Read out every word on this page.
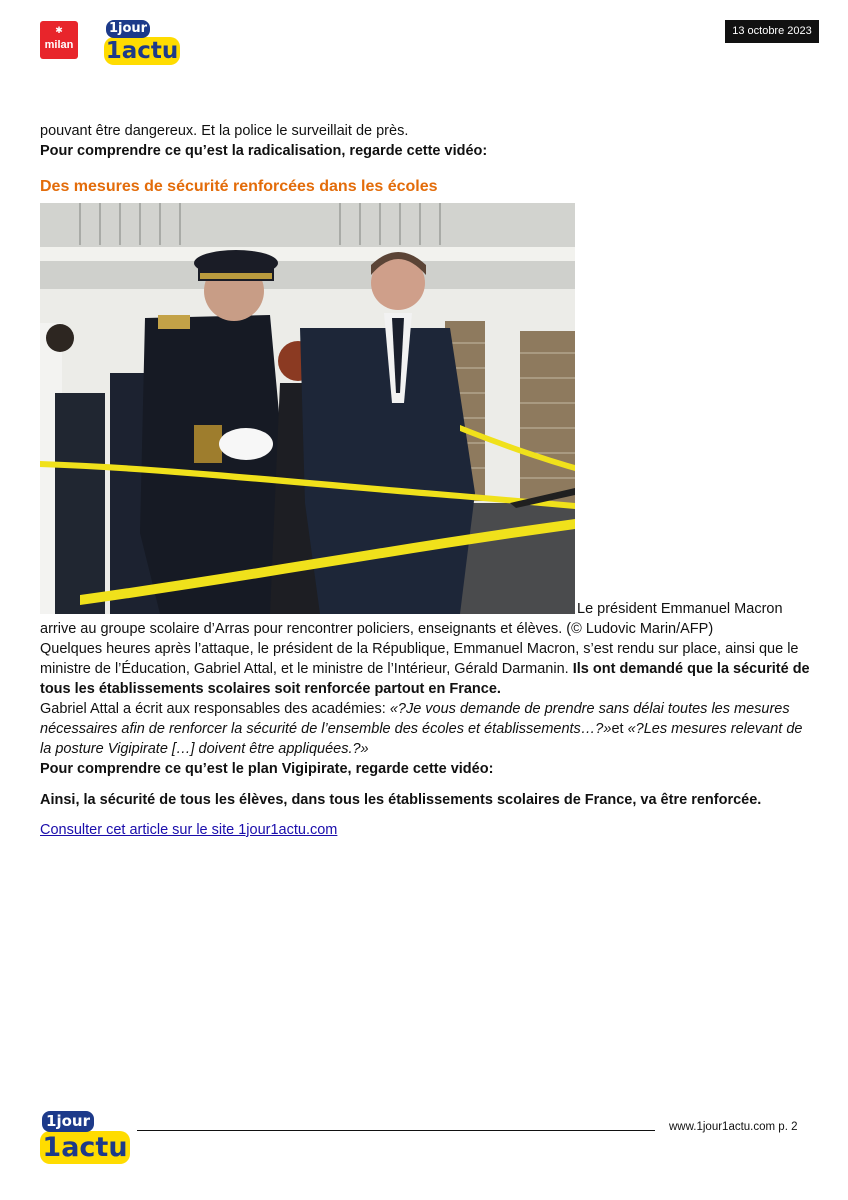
✱
milan 1actu
1jour	13 octobre 2023

pouvant être dangereux. Et la police le surveillait de près.

Pour comprendre ce qu’est la radicalisation, regarde cette vidéo:

Des mesures de sécurité renforcées dans les écoles
Le président Emmanuel Macron

arrive au groupe scolaire d’Arras pour rencontrer policiers, enseignants et élèves. (© Ludovic Marin/AFP)

Quelques heures après l’attaque, le président de la République, Emmanuel Macron, s’est rendu sur place, ainsi que le ministre de l’Éducation, Gabriel Attal, et le ministre de l’Intérieur, Gérald Darmanin. Ils ont demandé que la sécurité de tous les établissements scolaires soit renforcée partout en France.

Gabriel Attal a écrit aux responsables des académies: «?Je vous demande de prendre sans délai toutes les mesures nécessaires afin de renforcer la sécurité de l’ensemble des écoles et établissements…?»et «?Les mesures relevant de la posture Vigipirate […] doivent être appliquées.?»

Pour comprendre ce qu’est le plan Vigipirate, regarde cette vidéo:

Ainsi, la sécurité de tous les élèves, dans tous les établissements scolaires de France, va être renforcée.

Consulter cet article sur le site 1jour1actu.com

1actu
1jour	www.1jour1actu.com p. 2
